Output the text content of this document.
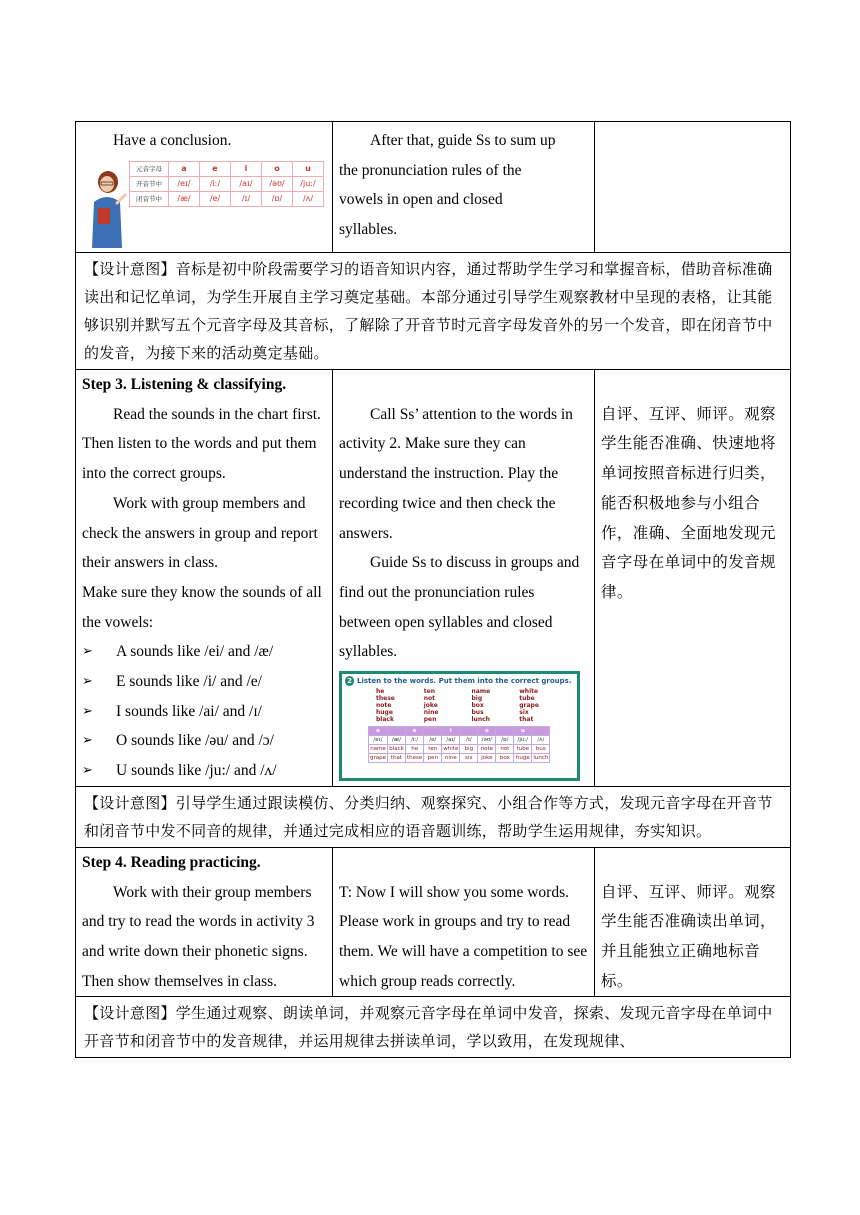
Have a conclusion.

元音字母	a	e	i	o	u
开音节中	/eɪ/	/iː/	/aɪ/	/əʊ/	/juː/
闭音节中	/æ/	/e/	/ɪ/	/ɒ/	/ʌ/

After that, guide Ss to sum up

the pronunciation rules of the

vowels in open and closed

syllables.

【设计意图】音标是初中阶段需要学习的语音知识内容，通过帮助学生学习和掌握音标，借助音标准确读出和记忆单词，为学生开展自主学习奠定基础。本部分通过引导学生观察教材中呈现的表格，让其能够识别并默写五个元音字母及其音标，了解除了开音节时元音字母发音外的另一个发音，即在闭音节中的发音，为接下来的活动奠定基础。

Step 3. Listening & classifying.

Read the sounds in the chart first. Then listen to the words and put them into the correct groups.

Work with group members and check the answers in group and report their answers in class.

Make sure they know the sounds of all the vowels:

➢	A sounds like /ei/ and /æ/
➢	E sounds like /i/ and /e/
➢	I sounds like /ai/ and /ɪ/
➢	O sounds like /əu/ and /ɔ/
➢	U sounds like /ju:/ and /ʌ/

Call Ss’ attention to the words in activity 2. Make sure they can understand the instruction. Play the recording twice and then check the answers.

Guide Ss to discuss in groups and find out the pronunciation rules between open syllables and closed syllables.

2 Listen to the words. Put them into the correct groups.
he	ten	name	white
these	not	big	tube
note	joke	box	grape
huge	nine	bus	six
black	pen	lunch	that
a		e		i		o		u	
/eɪ/	/æ/	/iː/	/e/	/aɪ/	/ɪ/	/əʊ/	/ɒ/	/juː/	/ʌ/
name	black	he	ten	white	big	note	not	tube	bus
grape	that	these	pen	nine	six	joke	box	huge	lunch

自评、互评、师评。观察学生能否准确、快速地将单词按照音标进行归类，能否积极地参与小组合作，准确、全面地发现元音字母在单词中的发音规律。

【设计意图】引导学生通过跟读模仿、分类归纳、观察探究、小组合作等方式，发现元音字母在开音节和闭音节中发不同音的规律，并通过完成相应的语音题训练，帮助学生运用规律，夯实知识。

Step 4. Reading practicing.

Work with their group members and try to read the words in activity 3 and write down their phonetic signs. Then show themselves in class.

T: Now I will show you some words. Please work in groups and try to read them. We will have a competition to see which group reads correctly.

自评、互评、师评。观察学生能否准确读出单词，并且能独立正确地标音标。

【设计意图】学生通过观察、朗读单词，并观察元音字母在单词中发音，探索、发现元音字母在单词中开音节和闭音节中的发音规律，并运用规律去拼读单词，学以致用，在发现规律、
